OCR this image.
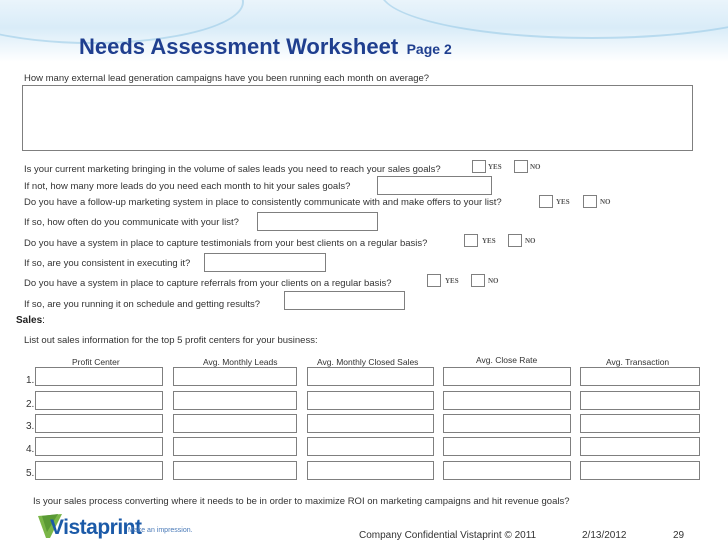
Needs Assessment Worksheet Page 2
How many external lead generation campaigns have you been running each month on average?
Is your current marketing bringing in the volume of sales leads you need to reach your sales goals?	YES	NO
If not, how many more leads do you need each month to hit your sales goals?
Do you have a follow-up marketing system in place to consistently communicate with and make offers to your list?	YES	NO
If so, how often do you communicate with your list?
Do you have a system in place to capture testimonials from your best clients on a regular basis?	YES	NO
If so, are you consistent in executing it?
Do you have a system in place to capture referrals from your clients on a regular basis?	YES	NO
If so, are you running it on schedule and getting results?
Sales:
List out sales information for the top 5 profit centers for your business:
Profit Center	Avg. Monthly Leads	Avg. Monthly Closed Sales	Avg. Close Rate	Avg. Transaction
1.
2.
3.
4.
5.
Is your sales process converting where it needs to be in order to maximize ROI on marketing campaigns and hit revenue goals?
Vistaprint
Make an impression.	Company Confidential Vistaprint © 2011	2/13/2012	29
